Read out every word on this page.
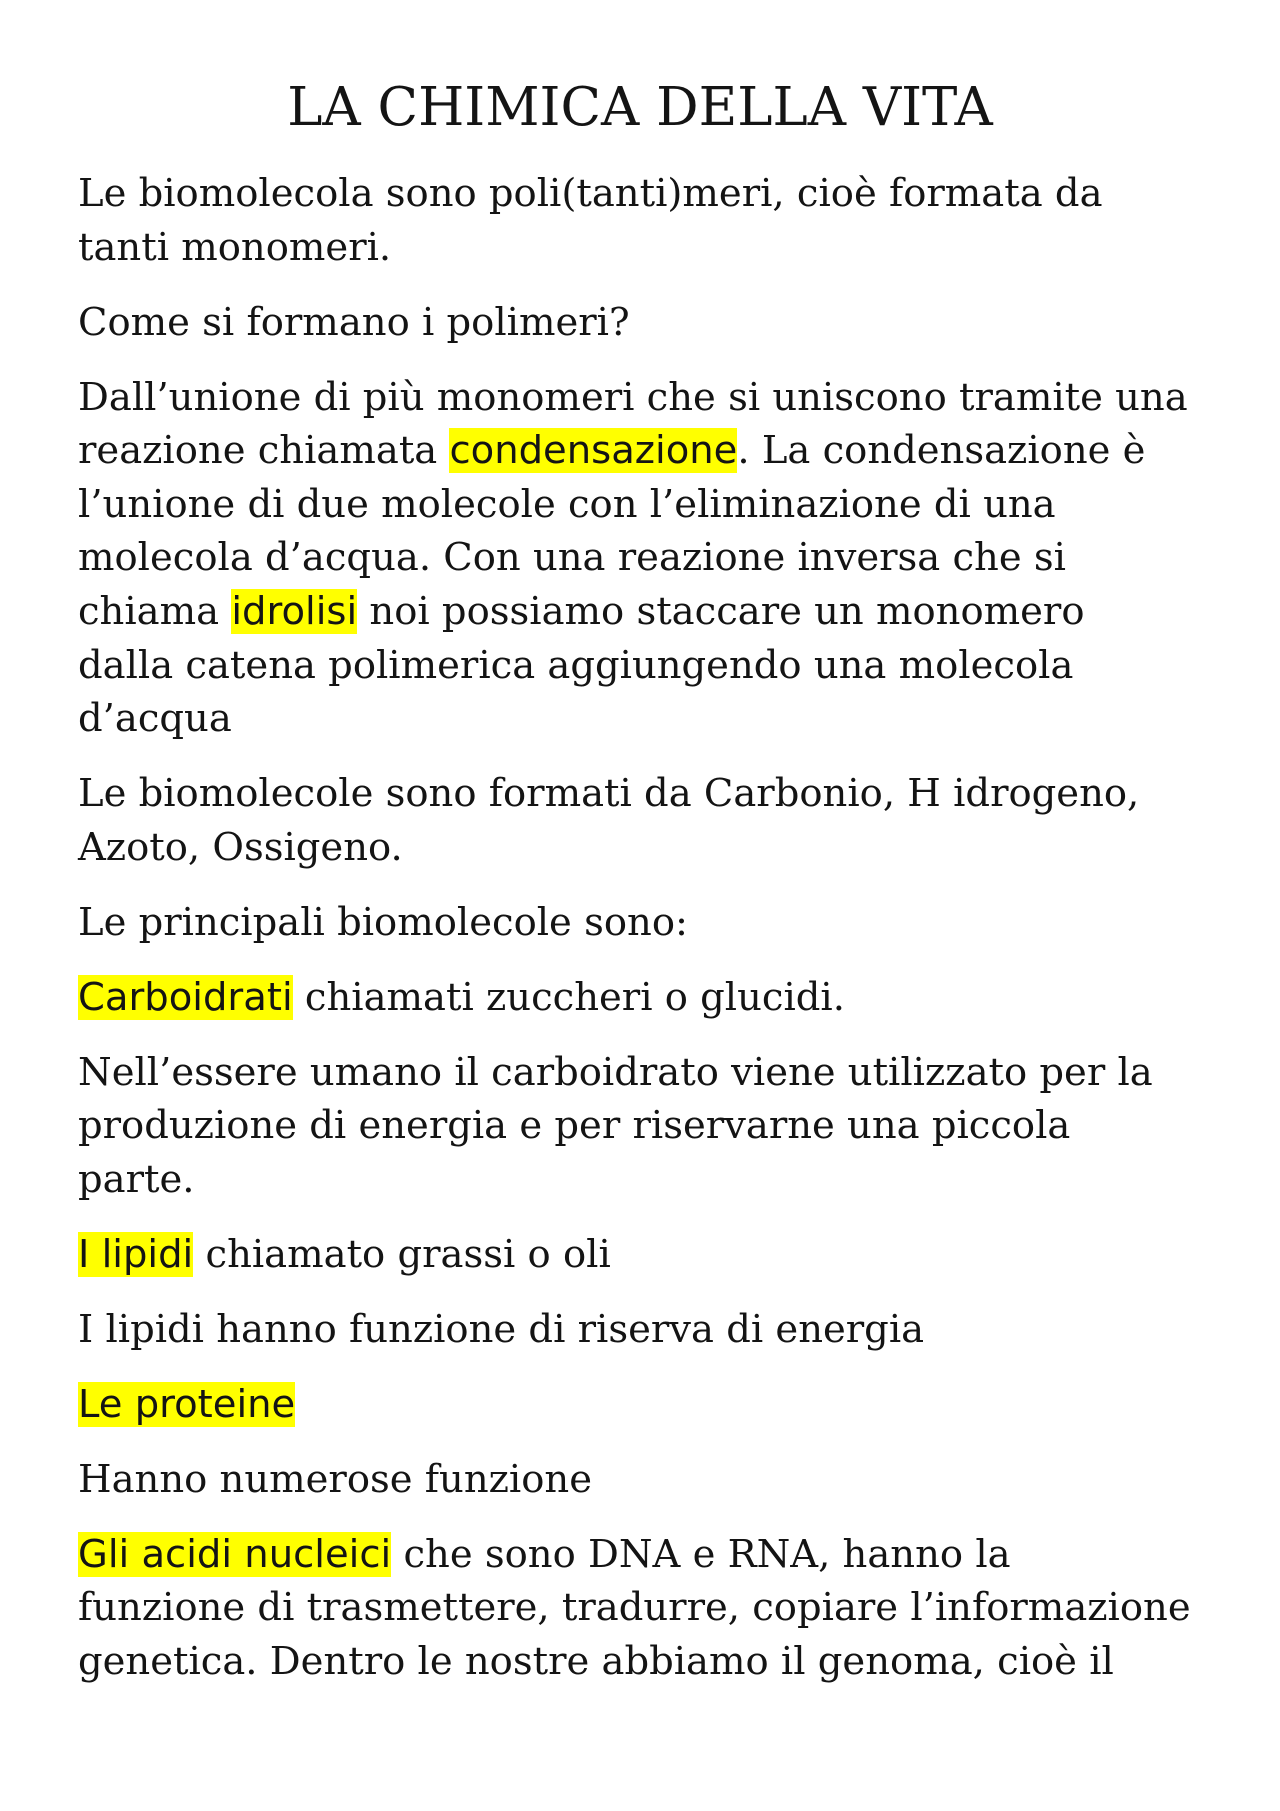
LA CHIMICA DELLA VITA
Le biomolecola sono poli(tanti)meri, cioè formata da
tanti monomeri.
Come si formano i polimeri?
Dall’unione di più monomeri che si uniscono tramite una
reazione chiamata condensazione. La condensazione è
l’unione di due molecole con l’eliminazione di una
molecola d’acqua. Con una reazione inversa che si
chiama idrolisi noi possiamo staccare un monomero
dalla catena polimerica aggiungendo una molecola
d’acqua
Le biomolecole sono formati da Carbonio, H idrogeno,
Azoto, Ossigeno.
Le principali biomolecole sono:
Carboidrati chiamati zuccheri o glucidi.
Nell’essere umano il carboidrato viene utilizzato per la
produzione di energia e per riservarne una piccola
parte.
I lipidi chiamato grassi o oli
I lipidi hanno funzione di riserva di energia
Le proteine
Hanno numerose funzione
Gli acidi nucleici che sono DNA e RNA, hanno la
funzione di trasmettere, tradurre, copiare l’informazione
genetica. Dentro le nostre abbiamo il genoma, cioè il
